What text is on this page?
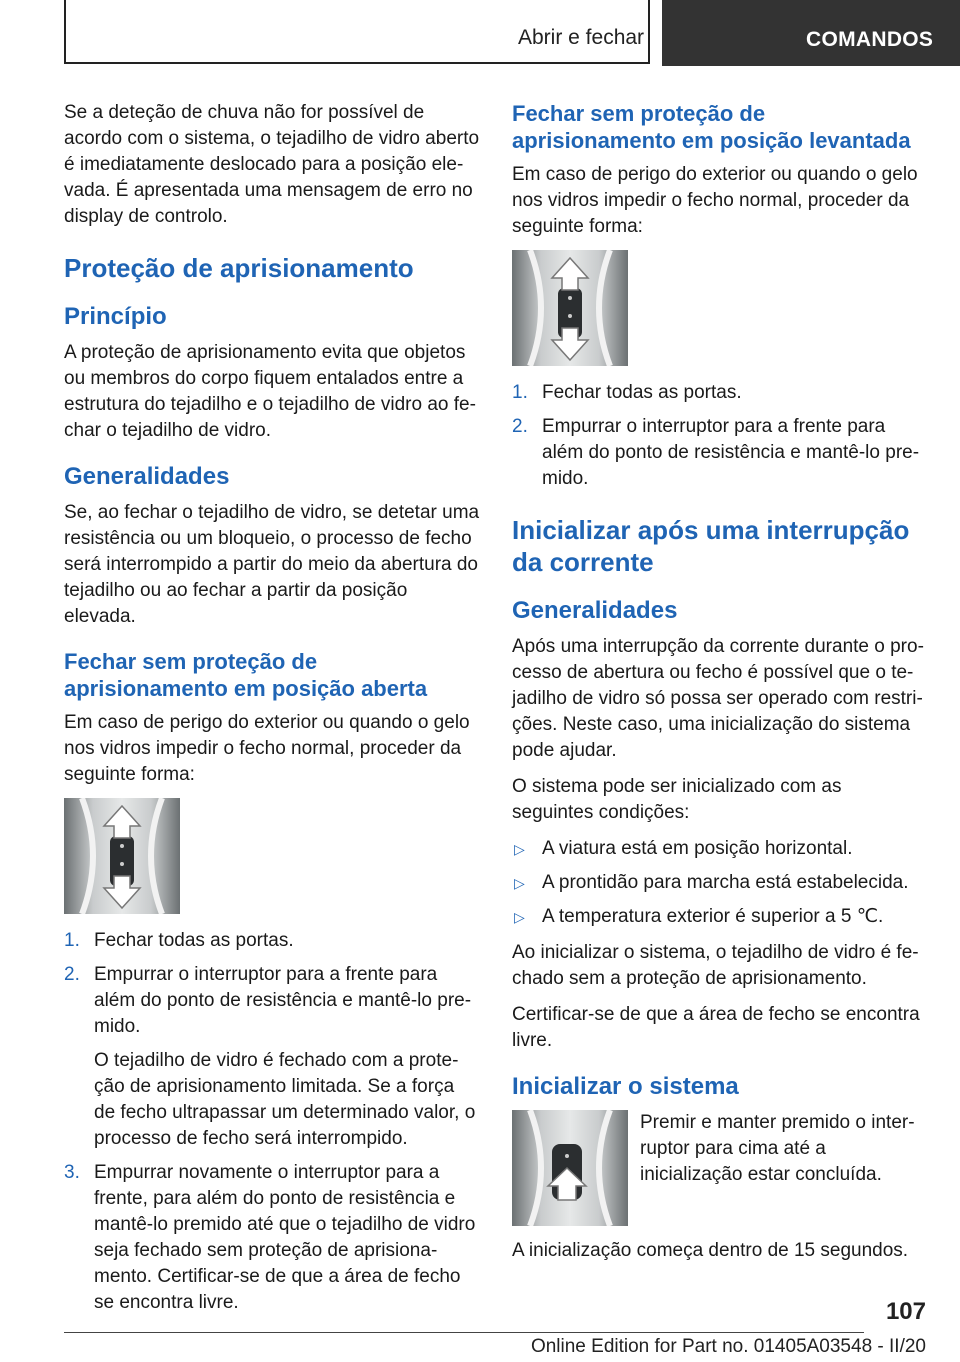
Abrir e fechar	COMANDOS

Se a deteção de chuva não for possível de acordo com o sistema, o tejadilho de vidro aberto é imediatamente deslocado para a posição elevada. É apresentada uma mensagem de erro no display de controlo.

Proteção de aprisionamento
Princípio

A proteção de aprisionamento evita que objetos ou membros do corpo fiquem entalados entre a estrutura do tejadilho e o tejadilho de vidro ao fechar o tejadilho de vidro.

Generalidades

Se, ao fechar o tejadilho de vidro, se detetar uma resistência ou um bloqueio, o processo de fecho será interrompido a partir do meio da abertura do tejadilho ou ao fechar a partir da posição elevada.

Fechar sem proteção de aprisionamento em posição aberta

Em caso de perigo do exterior ou quando o gelo nos vidros impedir o fecho normal, proceder da seguinte forma:

1. Fechar todas as portas.
2. Empurrar o interruptor para a frente para além do ponto de resistência e mantê-lo premido.
O tejadilho de vidro é fechado com a proteção de aprisionamento limitada. Se a força de fecho ultrapassar um determinado valor, o processo de fecho será interrompido.
3. Empurrar novamente o interruptor para a frente, para além do ponto de resistência e mantê-lo premido até que o tejadilho de vidro seja fechado sem proteção de aprisionamento. Certificar-se de que a área de fecho se encontra livre.
Fechar sem proteção de aprisionamento em posição levantada

Em caso de perigo do exterior ou quando o gelo nos vidros impedir o fecho normal, proceder da seguinte forma:

1. Fechar todas as portas.
2. Empurrar o interruptor para a frente para além do ponto de resistência e mantê-lo premido.
Inicializar após uma interrupção da corrente
Generalidades

Após uma interrupção da corrente durante o processo de abertura ou fecho é possível que o tejadilho de vidro só possa ser operado com restrições. Neste caso, uma inicialização do sistema pode ajudar.

O sistema pode ser inicializado com as seguintes condições:

▷ A viatura está em posição horizontal.
▷ A prontidão para marcha está estabelecida.
▷ A temperatura exterior é superior a 5 ℃.

Ao inicializar o sistema, o tejadilho de vidro é fechado sem a proteção de aprisionamento.

Certificar-se de que a área de fecho se encontra livre.

Inicializar o sistema

Premir e manter premido o interruptor para cima até a inicialização estar concluída.

A inicialização começa dentro de 15 segundos.

107
Online Edition for Part no. 01405A03548 - II/20
